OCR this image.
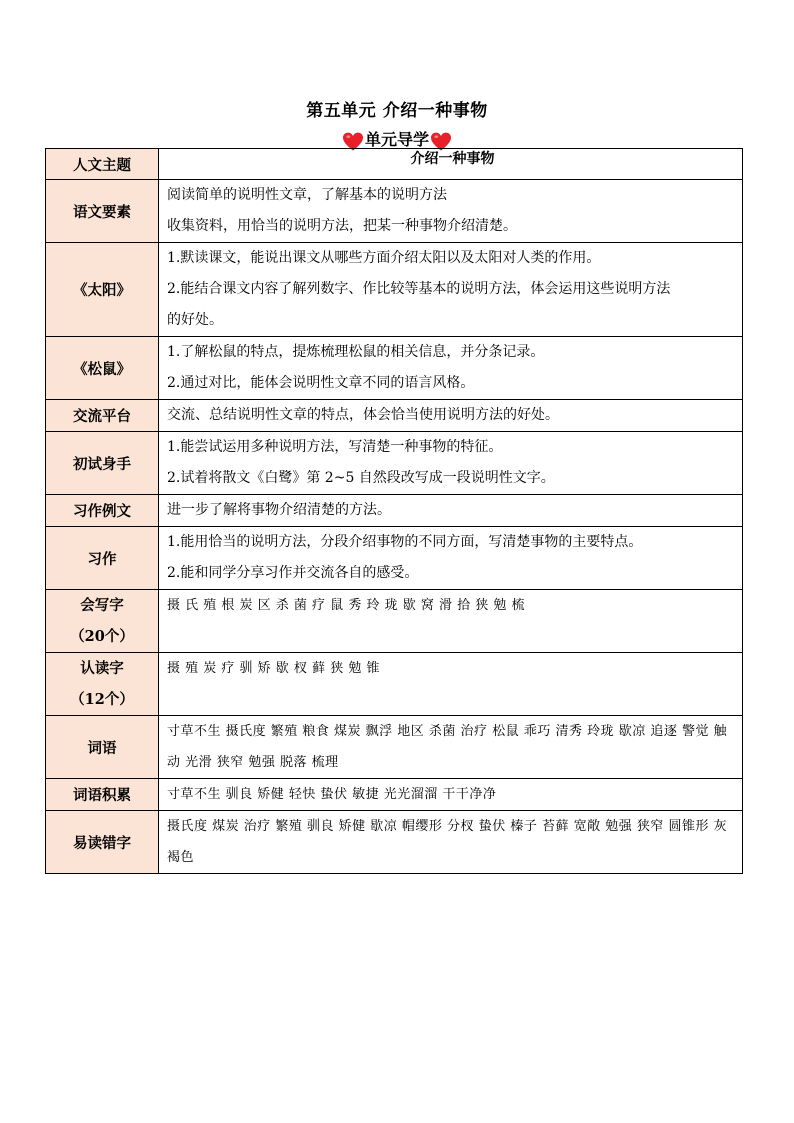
第五单元 介绍一种事物
单元导学
人文主题	介绍一种事物
语文要素	阅读简单的说明性文章，了解基本的说明方法
收集资料，用恰当的说明方法，把某一种事物介绍清楚。

《太阳》	1.默读课文，能说出课文从哪些方面介绍太阳以及太阳对人类的作用。
2.能结合课文内容了解列数字、作比较等基本的说明方法，体会运用这些说明方法
的好处。

《松鼠》	1.了解松鼠的特点，提炼梳理松鼠的相关信息，并分条记录。
2.通过对比，能体会说明性文章不同的语言风格。

交流平台	交流、总结说明性文章的特点，体会恰当使用说明方法的好处。

初试身手	1.能尝试运用多种说明方法，写清楚一种事物的特征。
2.试着将散文《白鹭》第 2~5 自然段改写成一段说明性文字。

习作例文	进一步了解将事物介绍清楚的方法。

习作	1.能用恰当的说明方法，分段介绍事物的不同方面，写清楚事物的主要特点。
2.能和同学分享习作并交流各自的感受。

会写字
（20个）	摄 氏 殖 根 炭 区 杀 菌 疗 鼠 秀 玲 珑 歇 窝 滑 拾 狭 勉 梳

认读字
（12个）	摄 殖 炭 疗 驯 矫 歇 杈 藓 狭 勉 锥
词语	寸草不生 摄氏度 繁殖 粮食 煤炭 飘浮 地区 杀菌 治疗 松鼠 乖巧 清秀 玲珑 歇凉 追逐 警觉 触动 光滑 狭窄 勉强 脱落 梳理
词语积累	寸草不生 驯良 矫健 轻快 蛰伏 敏捷 光光溜溜 干干净净
易读错字	摄氏度 煤炭 治疗 繁殖 驯良 矫健 歇凉 帽缨形 分杈 蛰伏 榛子 苔藓 宽敞 勉强 狭窄 圆锥形 灰褐色
